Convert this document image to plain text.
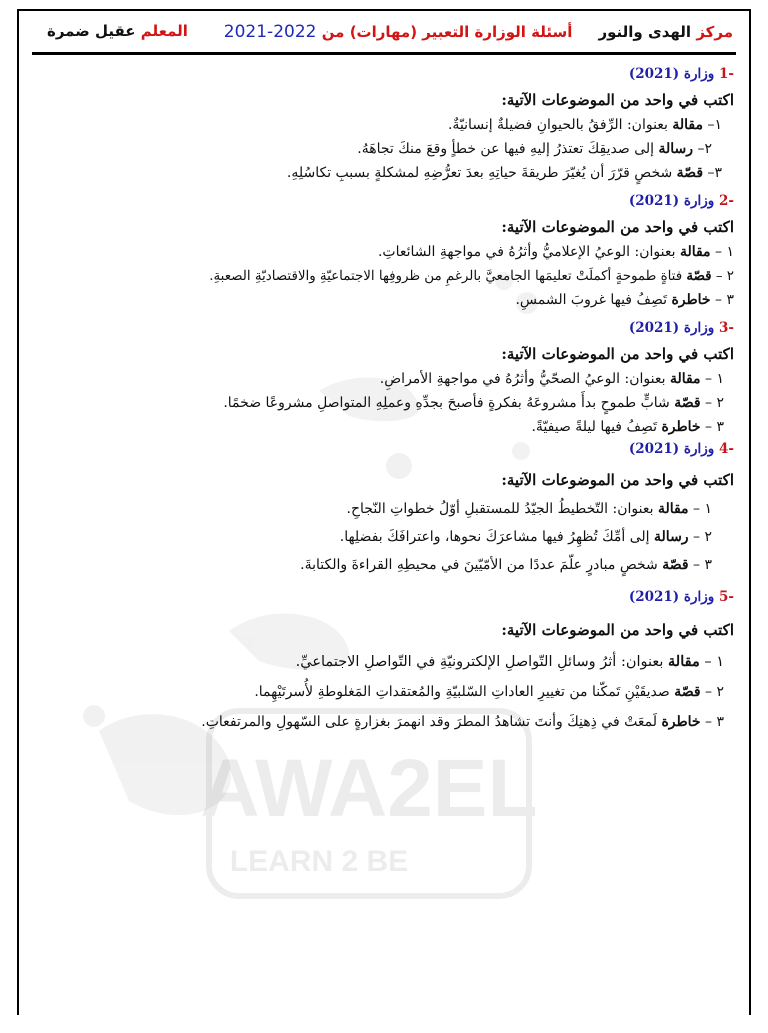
AWA2EL
LEARN 2 BE
مركز الهدى والنور     أسئلة الوزارة التعبير (مهارات) من 2022-2021
المعلم عقيل ضمرة
-1 وزارة (2021)
اكتب في واحد من الموضوعات الآتية:
١– مقالة بعنوان: الرِّفقُ بالحيوانِ فضيلةٌ إنسانيّةٌ.
٢– رسالة إلى صديقِكَ تعتذرُ إليهِ فيها عن خطأٍ وقعَ منكَ تجاهَهُ.
٣– قصّة شخصٍ قرّرَ أن يُغيّرَ طريقةَ حياتِهِ بعدَ تعرُّضِهِ لمشكلةٍ بسببِ تكاسُلِهِ.
-2 وزارة (2021)
اكتب في واحد من الموضوعات الآتية:
١ – مقالة بعنوان: الوعيُ الإعلاميُّ وأثرُهُ في مواجهةِ الشائعاتِ.
٢ – قصّة فتاةٍ طموحةٍ أكملَتْ تعليمَها الجامعيَّ بالرغمِ من ظروفِها الاجتماعيّةِ والاقتصاديّةِ الصعبةِ.
٣ – خاطرة تَصِفُ فيها غروبَ الشمسِ.
-3 وزارة (2021)
اكتب في واحد من الموضوعات الآتية:
١ – مقالة بعنوان: الوعيُ الصحّيُّ وأثرُهُ في مواجهةِ الأمراضِ.
٢ – قصّة شابٍّ طموحٍ بدأَ مشروعَهُ بفكرةٍ فأصبحَ بجدِّهِ وعملِهِ المتواصلِ مشروعًا ضخمًا.
٣ – خاطرة تَصِفُ فيها ليلةً صيفيّةً.
-4 وزارة (2021)
اكتب في واحد من الموضوعات الآتية:
١ – مقالة بعنوان: التّخطيطُ الجيّدُ للمستقبلِ أوّلُ خطواتِ النّجاحِ.
٢ – رسالة إلى أمِّكَ تُظهِرُ فيها مشاعرَكَ نحوها، واعترافَكَ بفضلِها.
٣ – قصّة شخصٍ مبادرٍ علّمَ عددًا من الأمّيّينَ في محيطِهِ القراءةَ والكتابةَ.
-5 وزارة (2021)
اكتب في واحد من الموضوعات الآتية:
١ – مقالة بعنوان: أثرُ وسائلِ التّواصلِ الإلكترونيّةِ في التّواصلِ الاجتماعيِّ.
٢ – قصّة صديقَيْنِ تَمكّنا من تغييرِ العاداتِ السّلبيّةِ والمُعتقداتِ المَغلوطةِ لأُسرتَيْهِما.
٣ – خاطرة لَمعَتْ في ذِهنِكَ وأنتَ تشاهدُ المطرَ وقد انهمرَ بغزارةٍ على السّهولِ والمرتفعاتِ.
